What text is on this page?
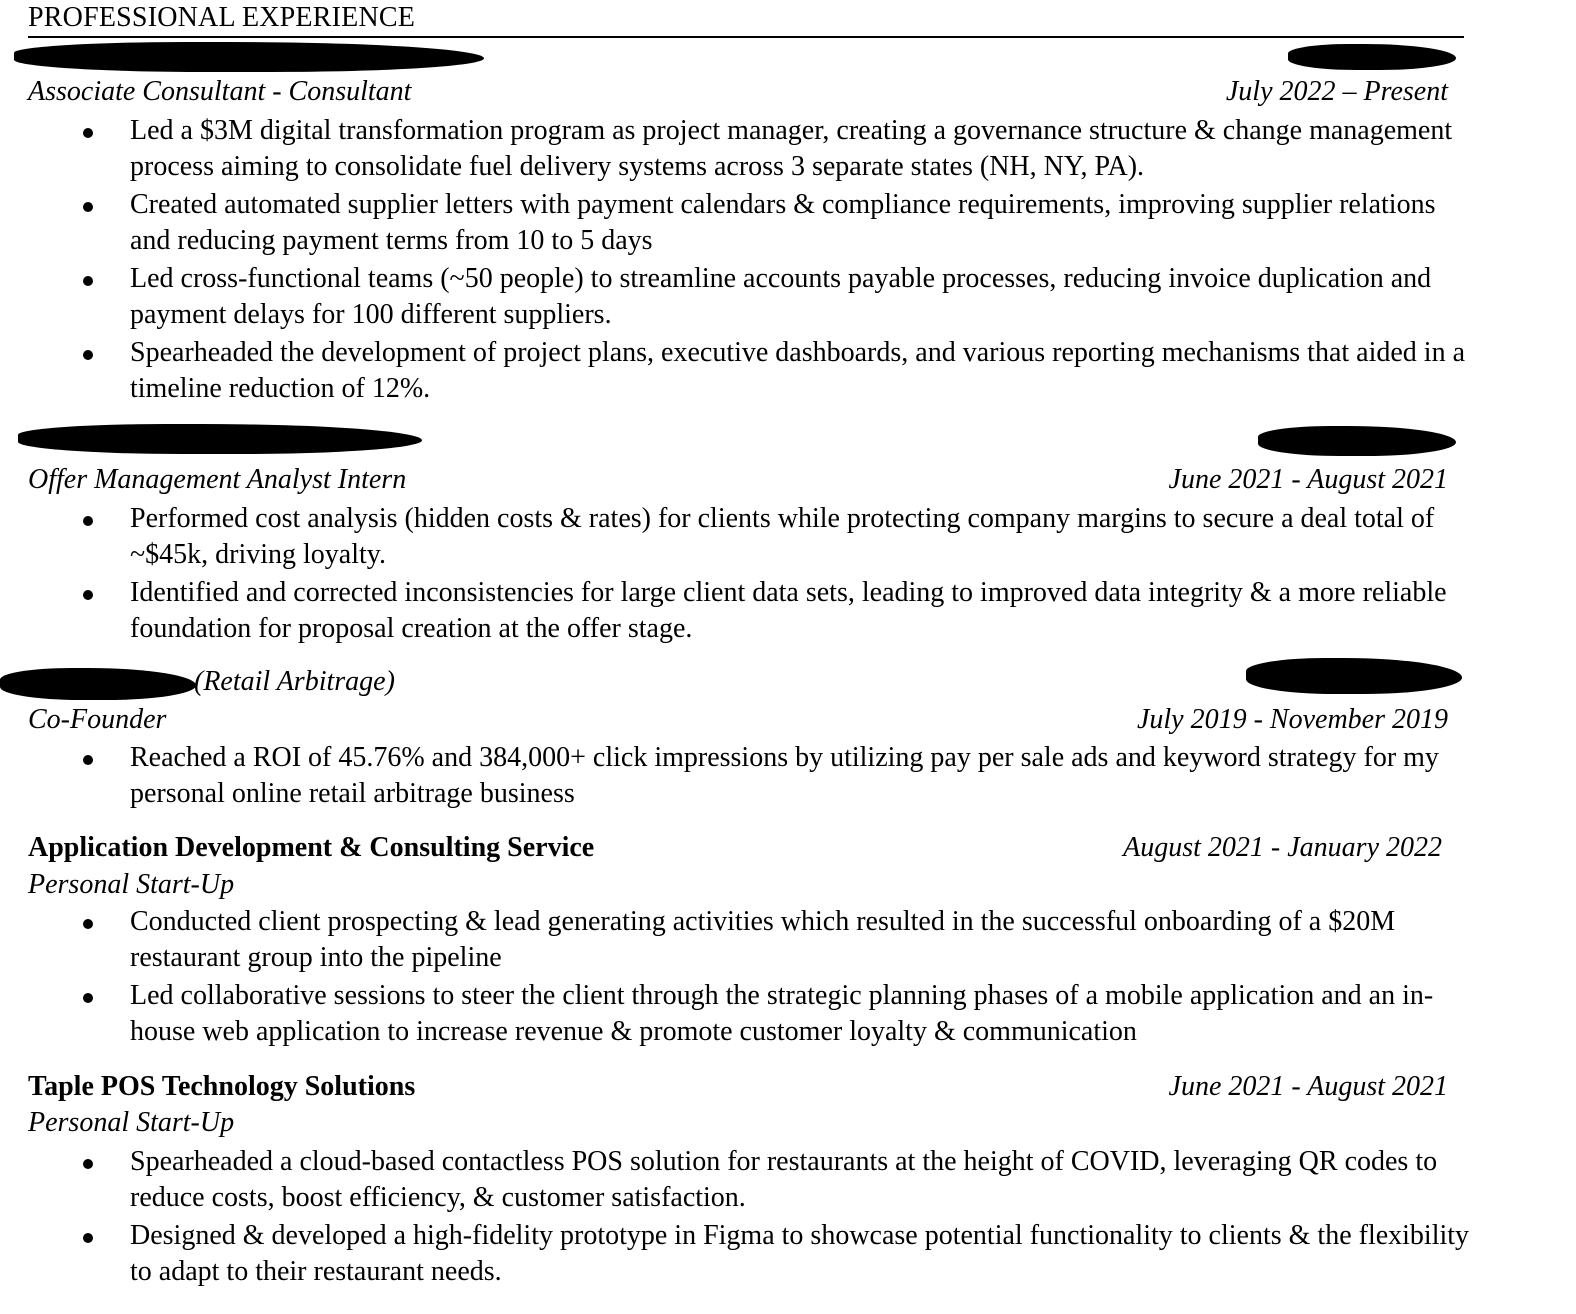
PROFESSIONAL EXPERIENCE
Associate Consultant - Consultant	July 2022 – Present
Led a $3M digital transformation program as project manager, creating a governance structure & change management process aiming to consolidate fuel delivery systems across 3 separate states (NH, NY, PA).
Created automated supplier letters with payment calendars & compliance requirements, improving supplier relations and reducing payment terms from 10 to 5 days
Led cross-functional teams (~50 people) to streamline accounts payable processes, reducing invoice duplication and payment delays for 100 different suppliers.
Spearheaded the development of project plans, executive dashboards, and various reporting mechanisms that aided in a timeline reduction of 12%.
Offer Management Analyst Intern	June 2021 - August 2021
Performed cost analysis (hidden costs & rates) for clients while protecting company margins to secure a deal total of ~$45k, driving loyalty.
Identified and corrected inconsistencies for large client data sets, leading to improved data integrity & a more reliable foundation for proposal creation at the offer stage.
(Retail Arbitrage)
Co-Founder	July 2019 - November 2019
Reached a ROI of 45.76% and 384,000+ click impressions by utilizing pay per sale ads and keyword strategy for my personal online retail arbitrage business
Application Development & Consulting Service	August 2021 - January 2022
Personal Start-Up
Conducted client prospecting & lead generating activities which resulted in the successful onboarding of a $20M restaurant group into the pipeline
Led collaborative sessions to steer the client through the strategic planning phases of a mobile application and an in-house web application to increase revenue & promote customer loyalty & communication
Taple POS Technology Solutions	June 2021 - August 2021
Personal Start-Up
Spearheaded a cloud-based contactless POS solution for restaurants at the height of COVID, leveraging QR codes to reduce costs, boost efficiency, & customer satisfaction.
Designed & developed a high-fidelity prototype in Figma to showcase potential functionality to clients & the flexibility to adapt to their restaurant needs.
